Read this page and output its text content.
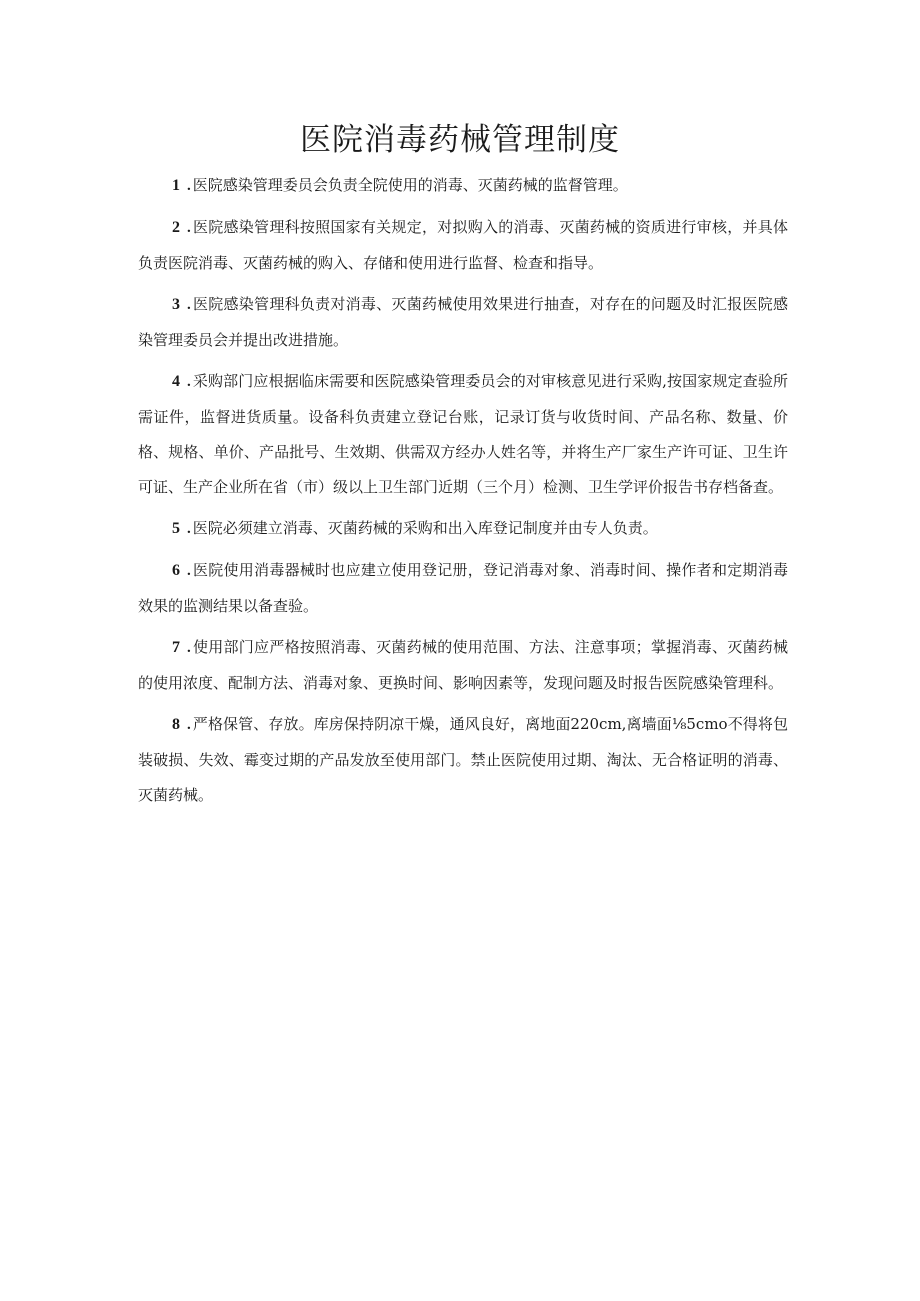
医院消毒药械管理制度

1 . 医院感染管理委员会负责全院使用的消毒、灭菌药械的监督管理。

2 . 医院感染管理科按照国家有关规定，对拟购入的消毒、灭菌药械的资质进行审核，并具体负责医院消毒、灭菌药械的购入、存储和使用进行监督、检查和指导。

3 . 医院感染管理科负责对消毒、灭菌药械使用效果进行抽查，对存在的问题及时汇报医院感染管理委员会并提出改进措施。

4 . 采购部门应根据临床需要和医院感染管理委员会的对审核意见进行采购,按国家规定查验所需证件，监督进货质量。设备科负责建立登记台账，记录订货与收货时间、产品名称、数量、价格、规格、单价、产品批号、生效期、供需双方经办人姓名等，并将生产厂家生产许可证、卫生许可证、生产企业所在省（市）级以上卫生部门近期（三个月）检测、卫生学评价报告书存档备查。

5 . 医院必须建立消毒、灭菌药械的采购和出入库登记制度并由专人负责。

6 . 医院使用消毒器械时也应建立使用登记册，登记消毒对象、消毒时间、操作者和定期消毒效果的监测结果以备查验。

7 . 使用部门应严格按照消毒、灭菌药械的使用范围、方法、注意事项；掌握消毒、灭菌药械的使用浓度、配制方法、消毒对象、更换时间、影响因素等，发现问题及时报告医院感染管理科。

8 . 严格保管、存放。库房保持阴凉干燥，通风良好，离地面220cm,离墙面⅛5cmo不得将包装破损、失效、霉变过期的产品发放至使用部门。禁止医院使用过期、淘汰、无合格证明的消毒、灭菌药械。
